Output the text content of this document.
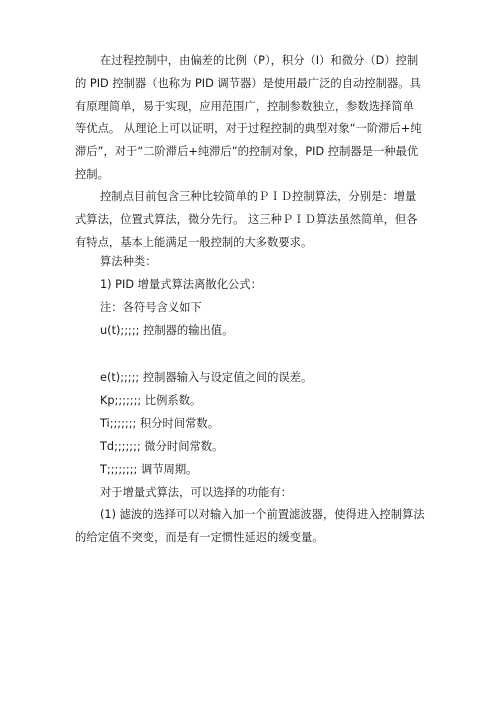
在过程控制中，由偏差的比例（P），积分（I）和微分（D）控制的 PID 控制器（也称为 PID 调节器）是使用最广泛的自动控制器。具有原理简单，易于实现，应用范围广，控制参数独立，参数选择简单等优点。 从理论上可以证明，对于过程控制的典型对象“一阶滞后+纯滞后”，对于“二阶滞后+纯滞后”的控制对象，PID 控制器是一种最优控制。

控制点目前包含三种比较简单的ＰＩＤ控制算法，分别是：增量式算法，位置式算法，微分先行。 这三种ＰＩＤ算法虽然简单，但各有特点，基本上能满足一般控制的大多数要求。

算法种类：
1) PID 增量式算法离散化公式：
注：各符号含义如下
u(t);;;;; 控制器的输出值。
e(t);;;;; 控制器输入与设定值之间的误差。
Kp;;;;;;; 比例系数。
Ti;;;;;;; 积分时间常数。
Td;;;;;;; 微分时间常数。
T;;;;;;;; 调节周期。
对于增量式算法，可以选择的功能有：

(1) 滤波的选择可以对输入加一个前置滤波器，使得进入控制算法的给定值不突变，而是有一定惯性延迟的缓变量。
